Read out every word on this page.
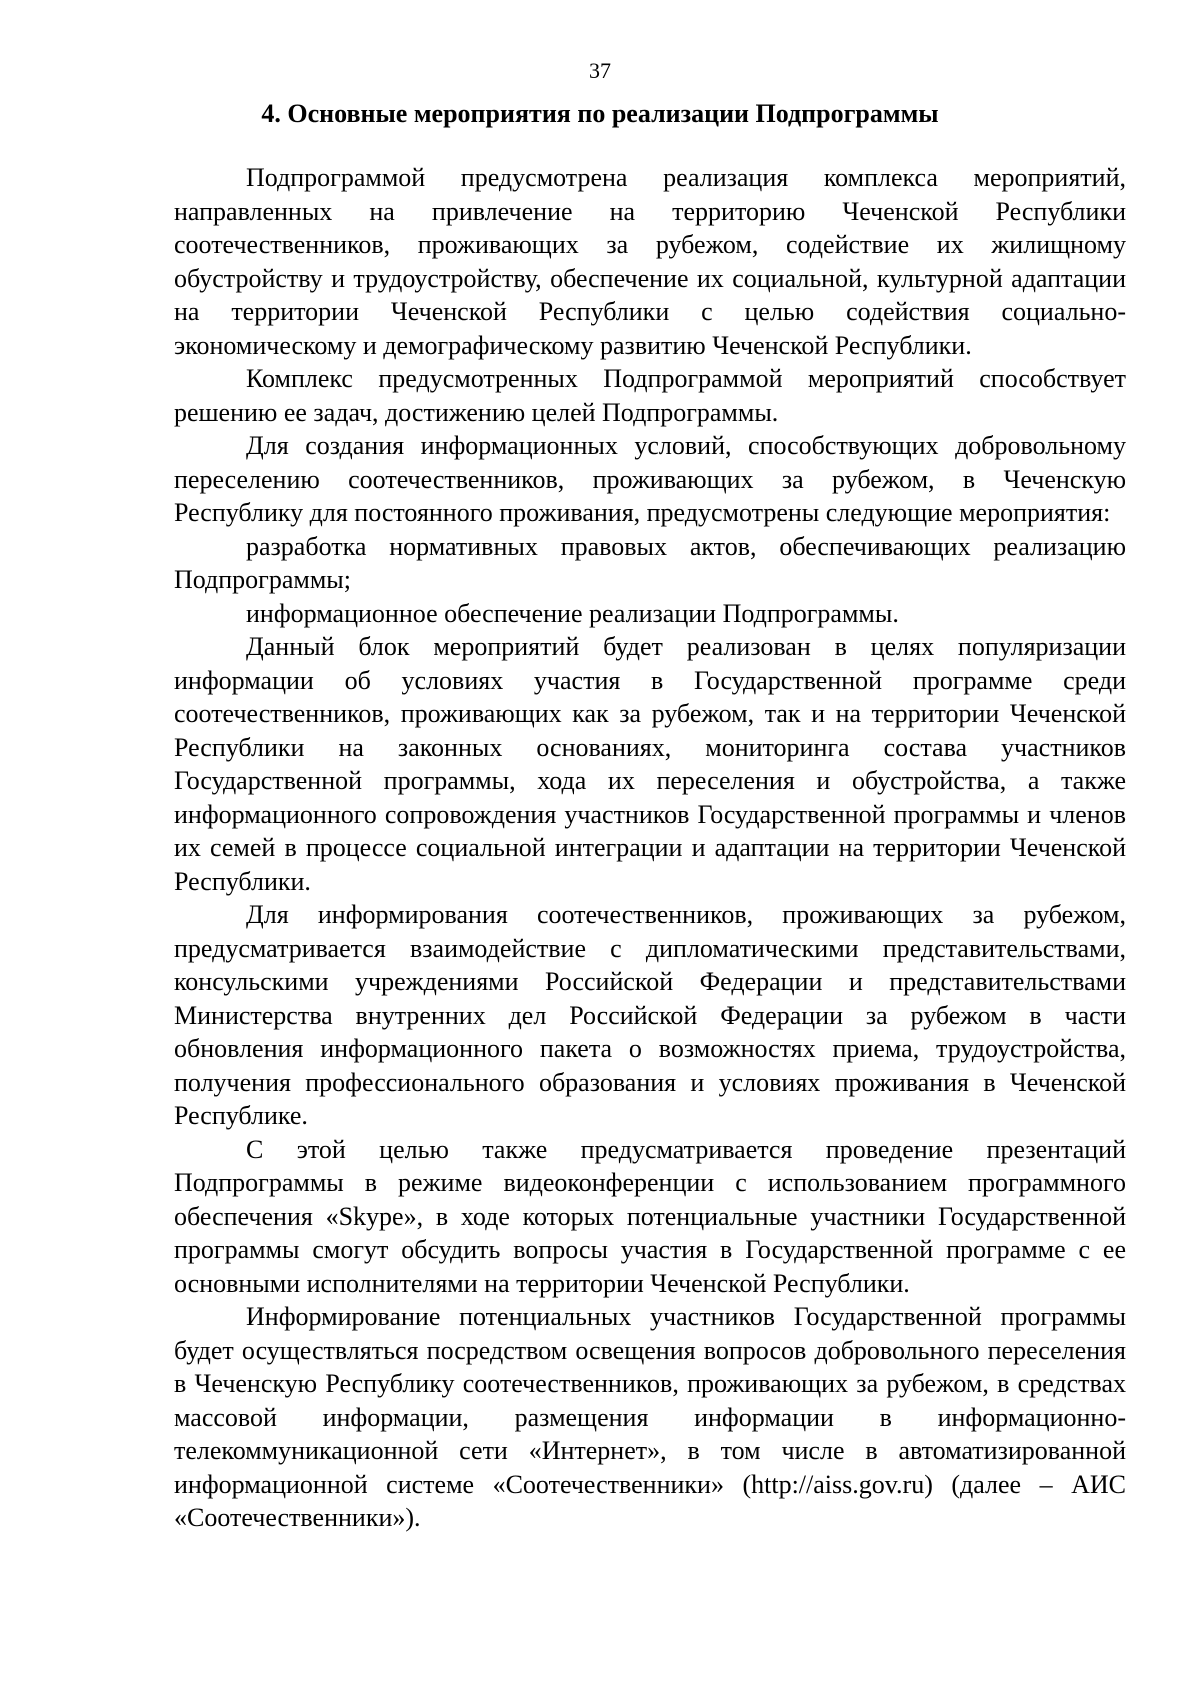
37
4. Основные мероприятия по реализации Подпрограммы

Подпрограммой предусмотрена реализация комплекса мероприятий, направленных на привлечение на территорию Чеченской Республики соотечественников, проживающих за рубежом, содействие их жилищному обустройству и трудоустройству, обеспечение их социальной, культурной адаптации на территории Чеченской Республики с целью содействия социально-экономическому и демографическому развитию Чеченской Республики.

Комплекс предусмотренных Подпрограммой мероприятий способствует решению ее задач, достижению целей Подпрограммы.

Для создания информационных условий, способствующих добровольному переселению соотечественников, проживающих за рубежом, в Чеченскую Республику для постоянного проживания, предусмотрены следующие мероприятия:

разработка нормативных правовых актов, обеспечивающих реализацию Подпрограммы;

информационное обеспечение реализации Подпрограммы.

Данный блок мероприятий будет реализован в целях популяризации информации об условиях участия в Государственной программе среди соотечественников, проживающих как за рубежом, так и на территории Чеченской Республики на законных основаниях, мониторинга состава участников Государственной программы, хода их переселения и обустройства, а также информационного сопровождения участников Государственной программы и членов их семей в процессе социальной интеграции и адаптации на территории Чеченской Республики.

Для информирования соотечественников, проживающих за рубежом, предусматривается взаимодействие с дипломатическими представительствами, консульскими учреждениями Российской Федерации и представительствами Министерства внутренних дел Российской Федерации за рубежом в части обновления информационного пакета о возможностях приема, трудоустройства, получения профессионального образования и условиях проживания в Чеченской Республике.

С этой целью также предусматривается проведение презентаций Подпрограммы в режиме видеоконференции с использованием программного обеспечения «Skype», в ходе которых потенциальные участники Государственной программы смогут обсудить вопросы участия в Государственной программе с ее основными исполнителями на территории Чеченской Республики.

Информирование потенциальных участников Государственной программы будет осуществляться посредством освещения вопросов добровольного переселения в Чеченскую Республику соотечественников, проживающих за рубежом, в средствах массовой информации, размещения информации в информационно-телекоммуникационной сети «Интернет», в том числе в автоматизированной информационной системе «Соотечественники» (http://aiss.gov.ru) (далее – АИС «Соотечественники»).
